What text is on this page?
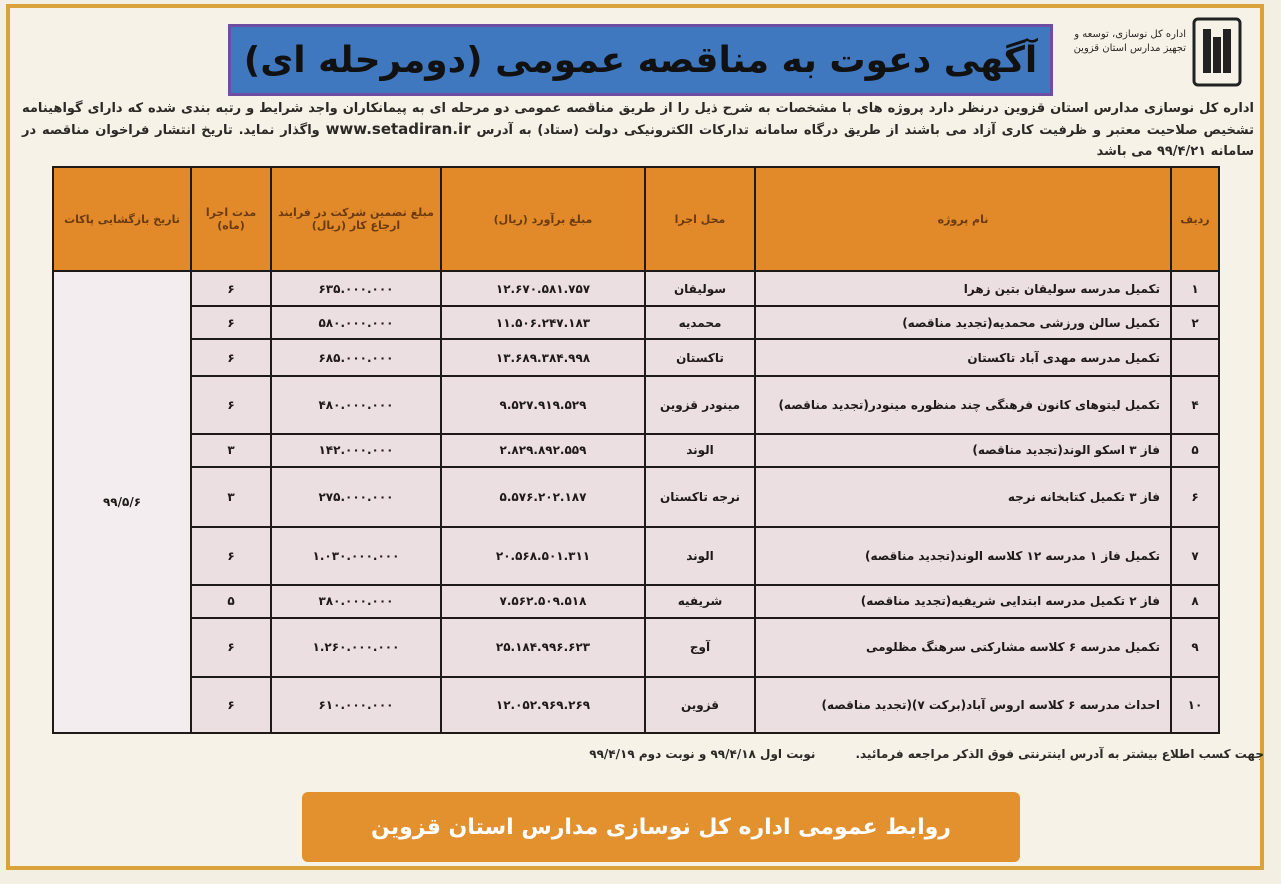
اداره کل نوسازی، توسعه و تجهیز مدارس استان قزوین
آگهی دعوت به مناقصه عمومی (دومرحله ای)
اداره کل نوسازی مدارس استان قزوین درنظر دارد پروژه های با مشخصات به شرح ذیل را از طریق مناقصه عمومی دو مرحله ای به پیمانکاران واجد شرایط و رتبه بندی شده که دارای گواهینامه تشخیص صلاحیت معتبر و ظرفیت کاری آزاد می باشند از طریق درگاه سامانه تدارکات الکترونیکی دولت (ستاد) به آدرس www.setadiran.ir واگذار نماید. تاریخ انتشار فراخوان مناقصه در سامانه ۹۹/۴/۲۱ می باشد
ردیف	نام پروژه	محل اجرا	مبلغ برآورد (ریال)	مبلغ تضمین شرکت در فرایند ارجاع کار (ریال)	مدت اجرا (ماه)	تاریخ بازگشایی پاکات
۱	تکمیل مدرسه سولیقان بتین زهرا	سولیقان	۱۲.۶۷۰.۵۸۱.۷۵۷	۶۳۵.۰۰۰.۰۰۰	۶	۹۹/۵/۶
۲	تکمیل سالن ورزشی محمدیه(تجدید مناقصه)	محمدیه	۱۱.۵۰۶.۲۴۷.۱۸۳	۵۸۰.۰۰۰.۰۰۰	۶	
	تکمیل مدرسه مهدی آباد تاکستان	تاکستان	۱۳.۶۸۹.۳۸۴.۹۹۸	۶۸۵.۰۰۰.۰۰۰	۶	
۴	تکمیل لیتوهای کانون فرهنگی چند منظوره مینودر(تجدید مناقصه)	مینودر قزوین	۹.۵۲۷.۹۱۹.۵۲۹	۴۸۰.۰۰۰.۰۰۰	۶	
۵	فاز ۳ اسکو الوند(تجدید مناقصه)	الوند	۲.۸۲۹.۸۹۲.۵۵۹	۱۴۲.۰۰۰.۰۰۰	۳	
۶	فاز ۳ تکمیل کتابخانه نرجه	نرجه تاکستان	۵.۵۷۶.۲۰۲.۱۸۷	۲۷۵.۰۰۰.۰۰۰	۳	
۷	تکمیل فاز ۱ مدرسه ۱۲ کلاسه الوند(تجدید مناقصه)	الوند	۲۰.۵۶۸.۵۰۱.۳۱۱	۱.۰۳۰.۰۰۰.۰۰۰	۶	
۸	فاز ۲ تکمیل مدرسه ابتدایی شریفیه(تجدید مناقصه)	شریفیه	۷.۵۶۲.۵۰۹.۵۱۸	۳۸۰.۰۰۰.۰۰۰	۵	
۹	تکمیل مدرسه ۶ کلاسه مشارکتی سرهنگ مظلومی	آوج	۲۵.۱۸۴.۹۹۶.۶۲۳	۱.۲۶۰.۰۰۰.۰۰۰	۶	
۱۰	احداث مدرسه ۶ کلاسه اروس آباد(برکت ۷)(تجدید مناقصه)	قزوین	۱۲.۰۵۲.۹۶۹.۲۶۹	۶۱۰.۰۰۰.۰۰۰	۶	
جهت کسب اطلاع بیشتر به آدرس اینترنتی فوق الذکر مراجعه فرمائید.
نوبت اول ۹۹/۴/۱۸ و نوبت دوم ۹۹/۴/۱۹
روابط عمومی اداره کل نوسازی مدارس استان قزوین
